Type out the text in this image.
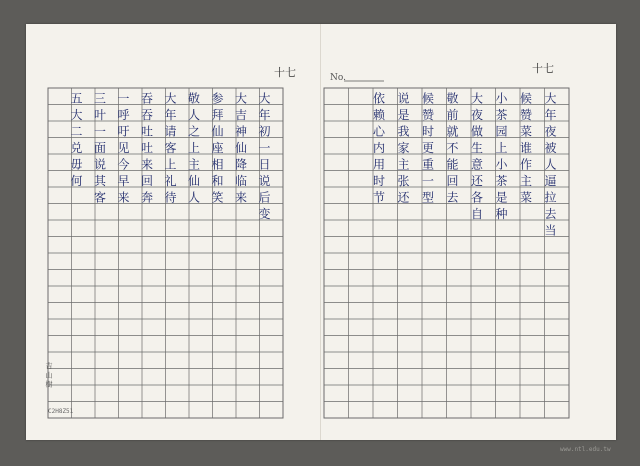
十七	十七
No.
大年夜被人逼拉去当
候赞菜谁作主菜
小茶园上小茶是种
大夜做生意还各自
敬前就不能回去
候赞时更重一型
说是我家主张还
依赖心内用时节
大年初一日说后变
大吉神仙降临来
参拜仙座相和笑
敬人之上主仙人
大年请客上礼待
吞吞吐吐来回奔
一呼吁见今早来
三叶一面说其客
五大二兑毋何
吉 山 樹
C2H8Z51
www.ntl.edu.tw
